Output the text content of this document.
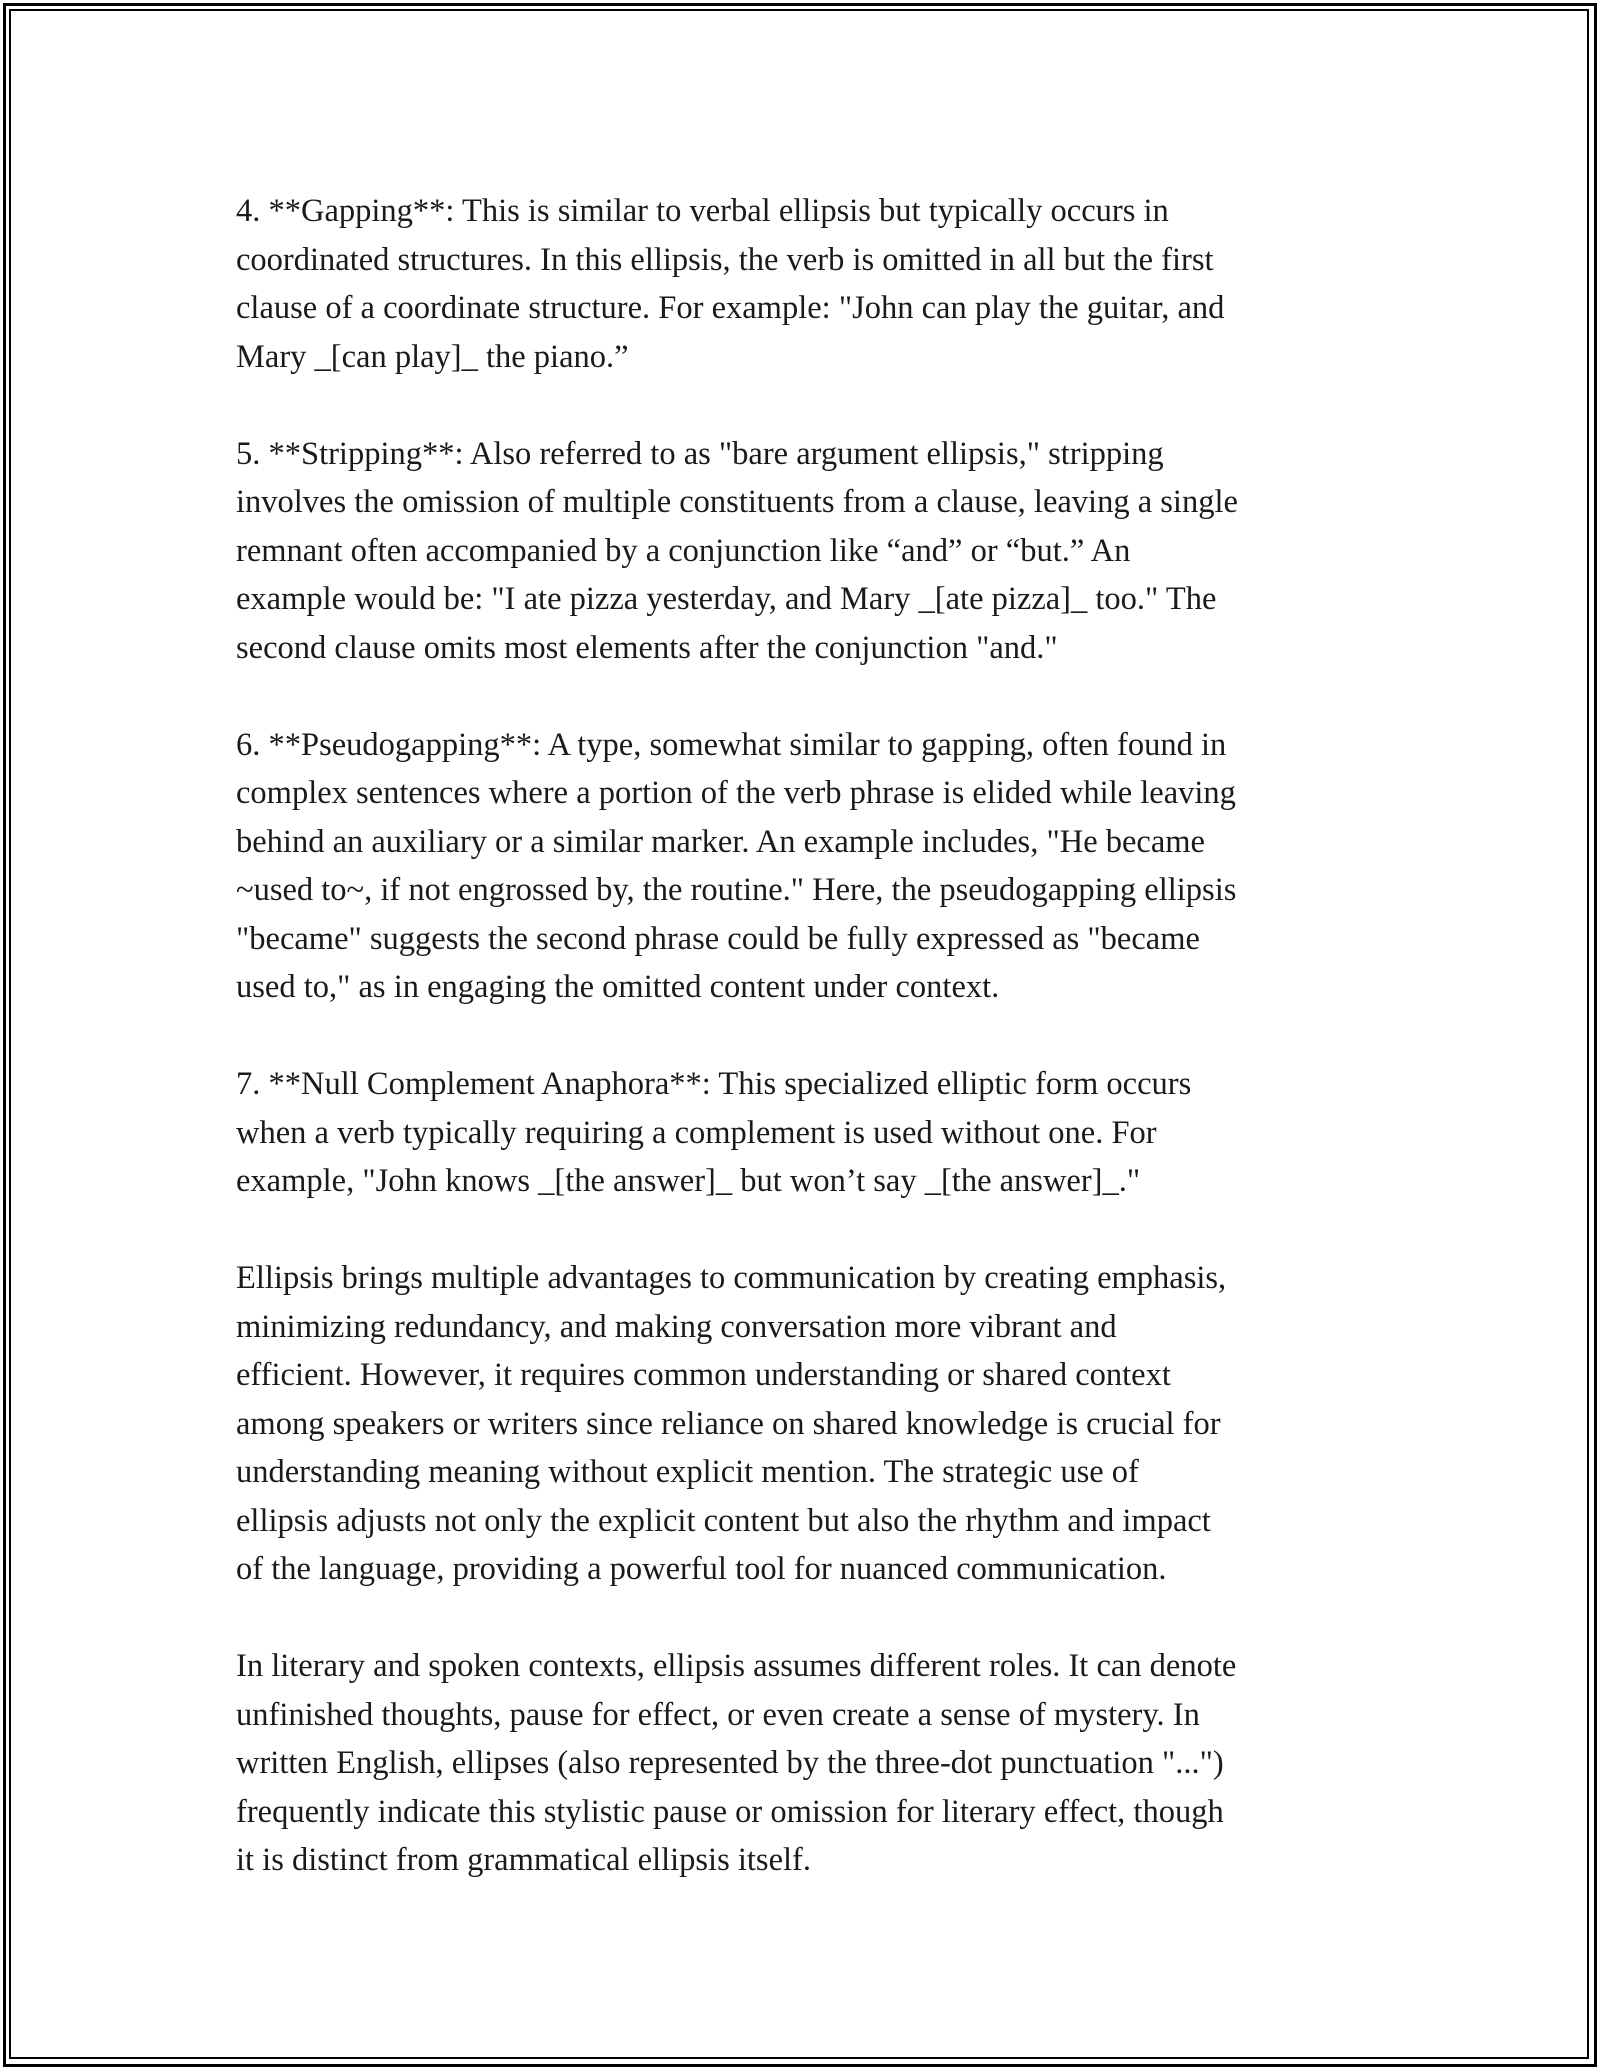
4. **Gapping**: This is similar to verbal ellipsis but typically occurs in
coordinated structures. In this ellipsis, the verb is omitted in all but the first
clause of a coordinate structure. For example: "John can play the guitar, and
Mary _[can play]_ the piano.”

5. **Stripping**: Also referred to as "bare argument ellipsis," stripping
involves the omission of multiple constituents from a clause, leaving a single
remnant often accompanied by a conjunction like “and” or “but.” An
example would be: "I ate pizza yesterday, and Mary _[ate pizza]_ too." The
second clause omits most elements after the conjunction "and."

6. **Pseudogapping**: A type, somewhat similar to gapping, often found in
complex sentences where a portion of the verb phrase is elided while leaving
behind an auxiliary or a similar marker. An example includes, "He became
~used to~, if not engrossed by, the routine." Here, the pseudogapping ellipsis
"became" suggests the second phrase could be fully expressed as "became
used to," as in engaging the omitted content under context.

7. **Null Complement Anaphora**: This specialized elliptic form occurs
when a verb typically requiring a complement is used without one. For
example, "John knows _[the answer]_ but won’t say _[the answer]_."

Ellipsis brings multiple advantages to communication by creating emphasis,
minimizing redundancy, and making conversation more vibrant and
efficient. However, it requires common understanding or shared context
among speakers or writers since reliance on shared knowledge is crucial for
understanding meaning without explicit mention. The strategic use of
ellipsis adjusts not only the explicit content but also the rhythm and impact
of the language, providing a powerful tool for nuanced communication.

In literary and spoken contexts, ellipsis assumes different roles. It can denote
unfinished thoughts, pause for effect, or even create a sense of mystery. In
written English, ellipses (also represented by the three-dot punctuation "...")
frequently indicate this stylistic pause or omission for literary effect, though
it is distinct from grammatical ellipsis itself.
